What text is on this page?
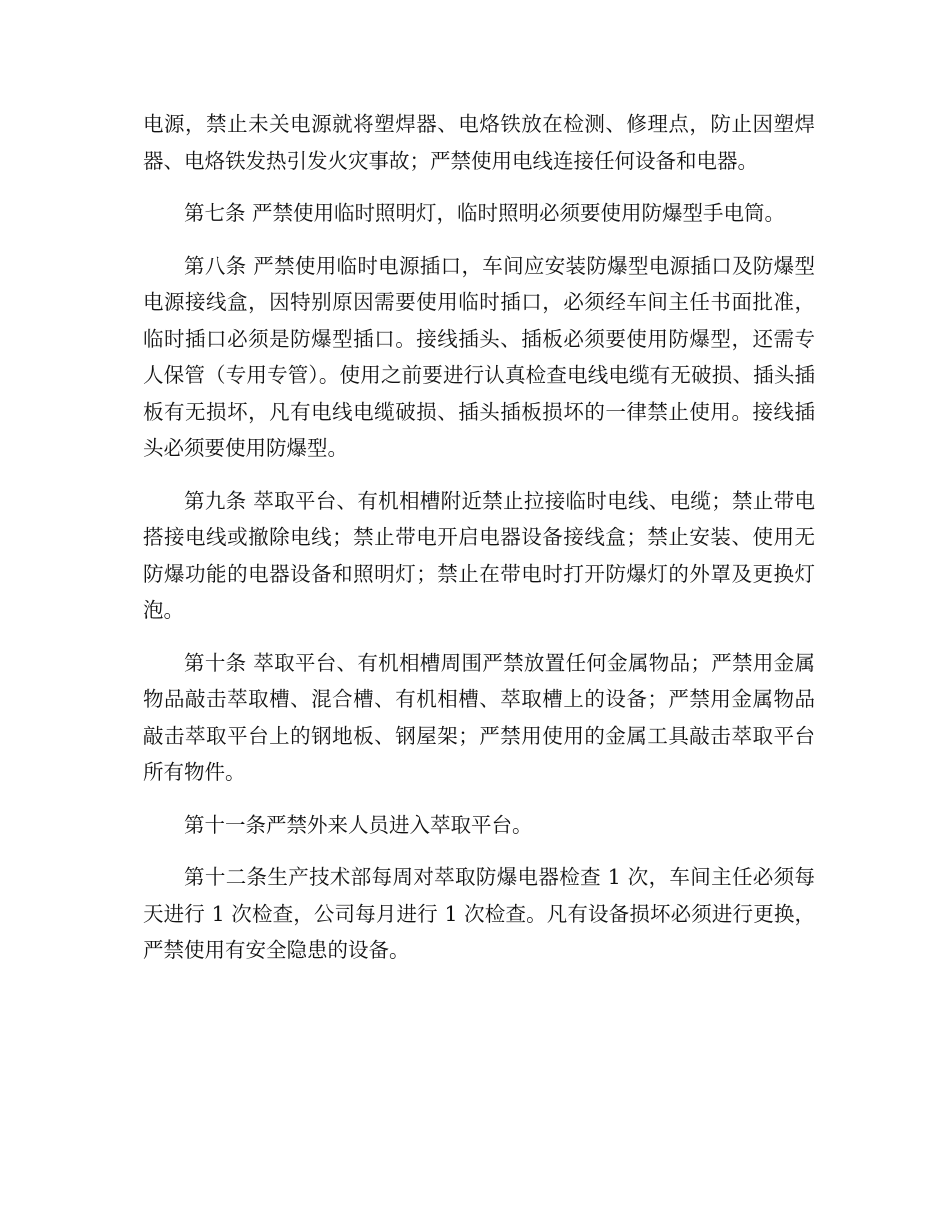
电源，禁止未关电源就将塑焊器、电烙铁放在检测、修理点，防止因塑焊器、电烙铁发热引发火灾事故；严禁使用电线连接任何设备和电器。

第七条 严禁使用临时照明灯，临时照明必须要使用防爆型手电筒。

第八条 严禁使用临时电源插口，车间应安装防爆型电源插口及防爆型电源接线盒，因特别原因需要使用临时插口，必须经车间主任书面批准，临时插口必须是防爆型插口。接线插头、插板必须要使用防爆型，还需专人保管（专用专管）。使用之前要进行认真检查电线电缆有无破损、插头插板有无损坏，凡有电线电缆破损、插头插板损坏的一律禁止使用。接线插头必须要使用防爆型。

第九条 萃取平台、有机相槽附近禁止拉接临时电线、电缆；禁止带电搭接电线或撤除电线；禁止带电开启电器设备接线盒；禁止安装、使用无防爆功能的电器设备和照明灯；禁止在带电时打开防爆灯的外罩及更换灯泡。

第十条 萃取平台、有机相槽周围严禁放置任何金属物品；严禁用金属物品敲击萃取槽、混合槽、有机相槽、萃取槽上的设备；严禁用金属物品敲击萃取平台上的钢地板、钢屋架；严禁用使用的金属工具敲击萃取平台所有物件。

第十一条严禁外来人员进入萃取平台。

第十二条生产技术部每周对萃取防爆电器检查 1 次，车间主任必须每天进行 1 次检查，公司每月进行 1 次检查。凡有设备损坏必须进行更换，严禁使用有安全隐患的设备。
